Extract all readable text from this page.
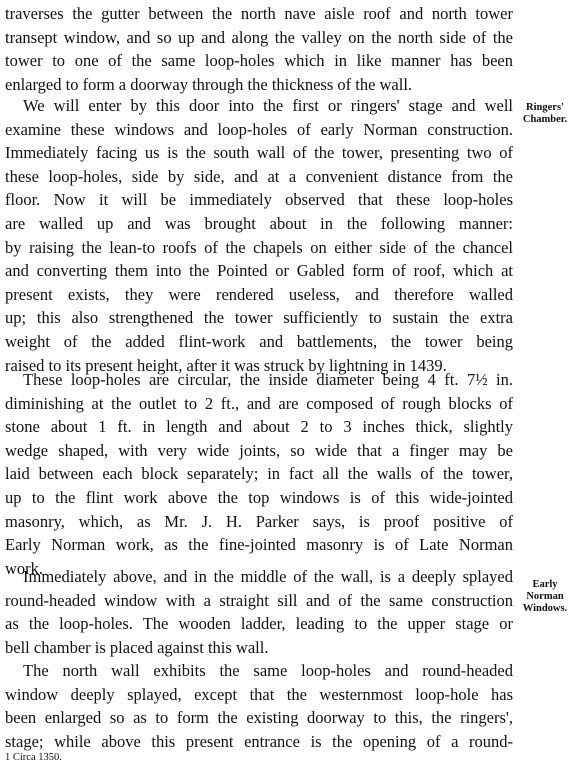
traverses the gutter between the north nave aisle roof and north tower
transept window, and so up and along the valley on the north side of the
tower to one of the same loop-holes which in like manner has been
enlarged to form a doorway through the thickness of the wall.
We will enter by this door into the first or ringers' stage and well
examine these windows and loop-holes of early Norman construction.
Immediately facing us is the south wall of the tower, presenting two of
these loop-holes, side by side, and at a convenient distance from the
floor. Now it will be immediately observed that these loop-holes
are walled up and was brought about in the following manner:
by raising the lean-to roofs of the chapels on either side of the chancel
and converting them into the Pointed or Gabled form of roof, which at
present exists, they were rendered useless, and therefore walled
up; this also strengthened the tower sufficiently to sustain the extra
weight of the added flint-work and battlements, the tower being
raised to its present height, after it was struck by lightning in 1439.
Ringers'
Chamber.
These loop-holes are circular, the inside diameter being 4 ft. 7½ in.
diminishing at the outlet to 2 ft., and are composed of rough blocks of
stone about 1 ft. in length and about 2 to 3 inches thick, slightly
wedge shaped, with very wide joints, so wide that a finger may be
laid between each block separately; in fact all the walls of the tower,
up to the flint work above the top windows is of this wide-jointed
masonry, which, as Mr. J. H. Parker says, is proof positive of
Early Norman work, as the fine-jointed masonry is of Late Norman
work.
Immediately above, and in the middle of the wall, is a deeply splayed
round-headed window with a straight sill and of the same construction
as the loop-holes. The wooden ladder, leading to the upper stage or
bell chamber is placed against this wall.
Early
Norman
Windows.
The north wall exhibits the same loop-holes and round-headed
window deeply splayed, except that the westernmost loop-hole has
been enlarged so as to form the existing doorway to this, the ringers',
stage; while above this present entrance is the opening of a round-
1 Circa 1350.
